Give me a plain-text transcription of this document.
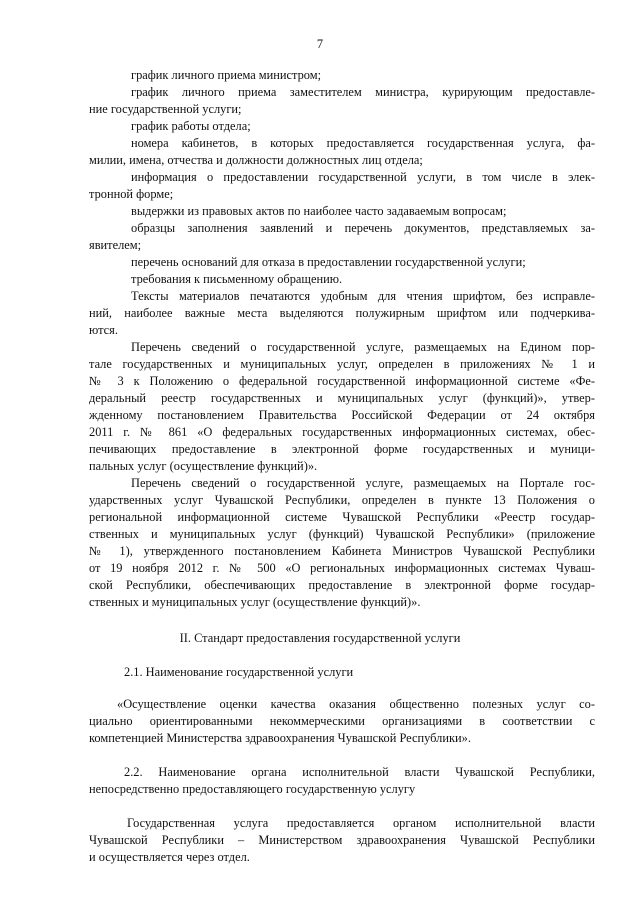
7
график личного приема министром;
график личного приема заместителем министра, курирующим предоставле-
ние государственной услуги;
график работы отдела;
номера кабинетов, в которых предоставляется государственная услуга, фа-
милии, имена, отчества и должности должностных лиц отдела;
информация о предоставлении государственной услуги, в том числе в элек-
тронной форме;
выдержки из правовых актов по наиболее часто задаваемым вопросам;
образцы заполнения заявлений и перечень документов, представляемых за-
явителем;
перечень оснований для отказа в предоставлении государственной услуги;
требования к письменному обращению.
Тексты материалов печатаются удобным для чтения шрифтом, без исправле-
ний, наиболее важные места выделяются полужирным шрифтом или подчеркива-
ются.
Перечень сведений о государственной услуге, размещаемых на Едином пор-
тале государственных и муниципальных услуг, определен в приложениях № 1 и
№ 3 к Положению о федеральной государственной информационной системе «Фе-
деральный реестр государственных и муниципальных услуг (функций)», утвер-
жденному постановлением Правительства Российской Федерации от 24 октября
2011 г. № 861 «О федеральных государственных информационных системах, обес-
печивающих предоставление в электронной форме государственных и муници-
пальных услуг (осуществление функций)».
Перечень сведений о государственной услуге, размещаемых на Портале гос-
ударственных услуг Чувашской Республики, определен в пункте 13 Положения о
региональной информационной системе Чувашской Республики «Реестр государ-
ственных и муниципальных услуг (функций) Чувашской Республики» (приложение
№ 1), утвержденного постановлением Кабинета Министров Чувашской Республики
от 19 ноября 2012 г. № 500 «О региональных информационных системах Чуваш-
ской Республики, обеспечивающих предоставление в электронной форме государ-
ственных и муниципальных услуг (осуществление функций)».
II. Стандарт предоставления государственной услуги
2.1. Наименование государственной услуги
«Осуществление оценки качества оказания общественно полезных услуг со-
циально ориентированными некоммерческими организациями в соответствии с
компетенцией Министерства здравоохранения Чувашской Республики».
2.2. Наименование органа исполнительной власти Чувашской Республики,
непосредственно предоставляющего государственную услугу
Государственная услуга предоставляется органом исполнительной власти
Чувашской Республики – Министерством здравоохранения Чувашской Республики
и осуществляется через отдел.
